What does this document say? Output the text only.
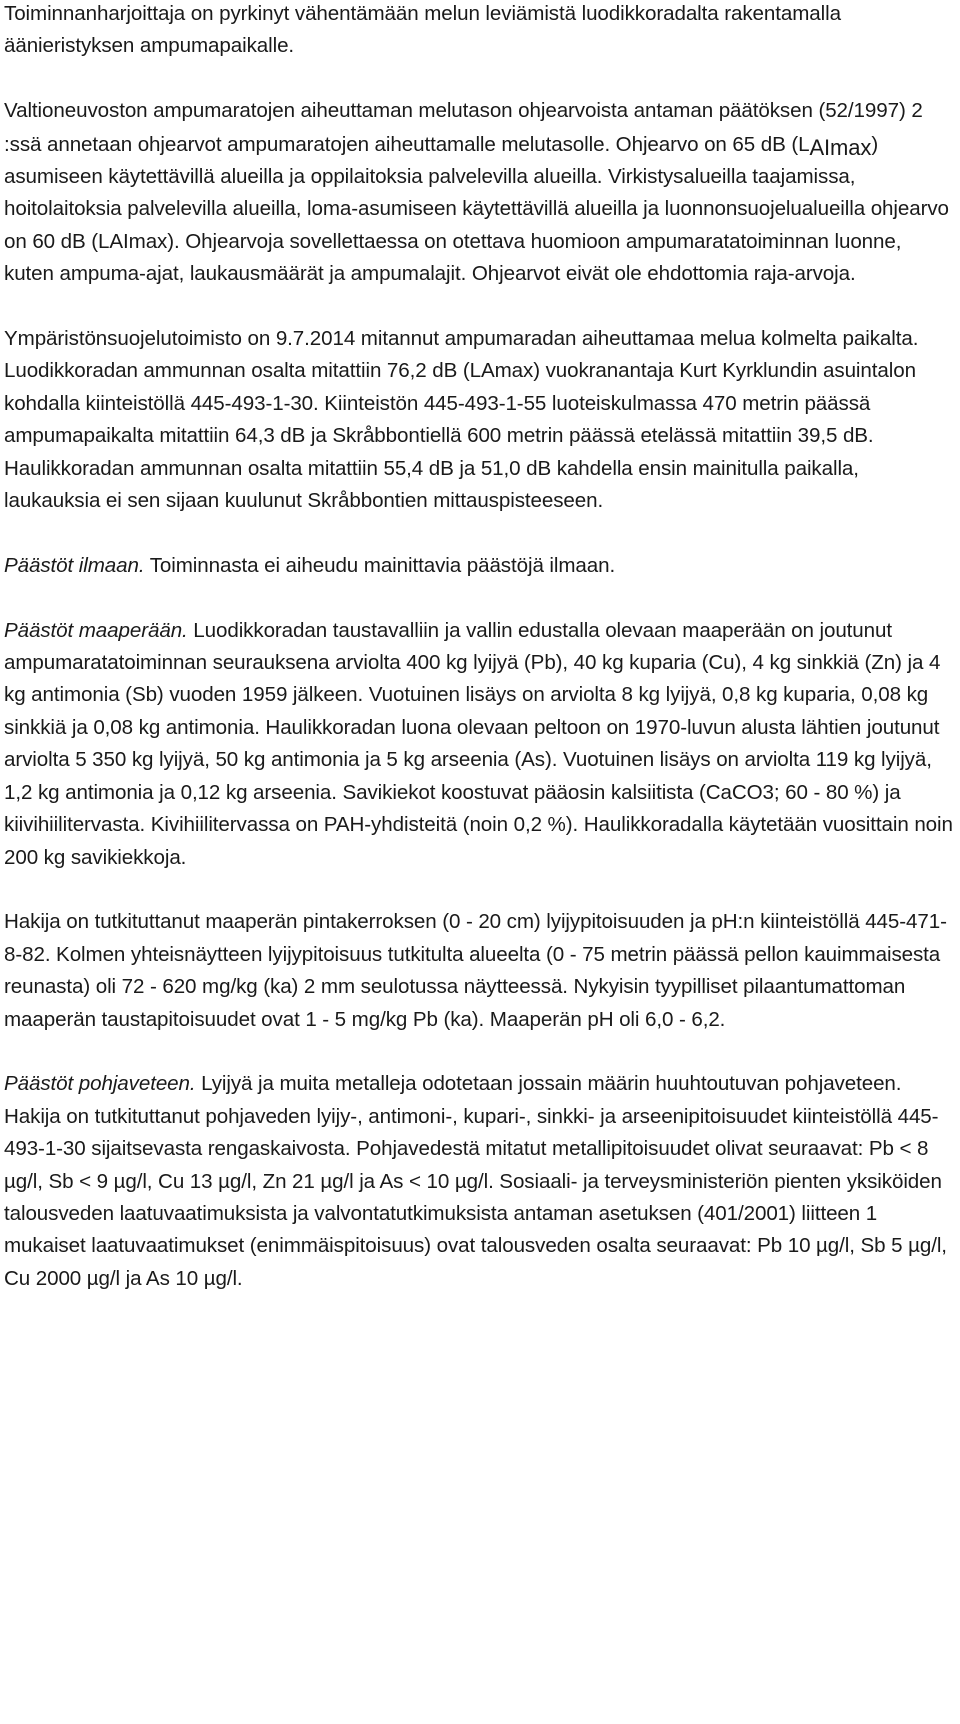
Toiminnanharjoittaja on pyrkinyt vähentämään melun leviämistä luodikkoradalta rakentamalla äänieristyksen ampumapaikalle.

Valtioneuvoston ampumaratojen aiheuttaman melutason ohjearvoista antaman päätöksen (52/1997) 2 :ssä annetaan ohjearvot ampumaratojen aiheuttamalle melutasolle. Ohjearvo on 65 dB (LAImax) asumiseen käytettävillä alueilla ja oppilaitoksia palvelevilla alueilla. Virkistysalueilla taajamissa, hoitolaitoksia palvelevilla alueilla, loma-asumiseen käytettävillä alueilla ja luonnonsuojelualueilla ohjearvo on 60 dB (LAImax). Ohjearvoja sovellettaessa on otettava huomioon ampumaratatoiminnan luonne, kuten ampuma-ajat, laukausmäärät ja ampumalajit. Ohjearvot eivät ole ehdottomia raja-arvoja.

Ympäristönsuojelutoimisto on 9.7.2014 mitannut ampumaradan aiheuttamaa melua kolmelta paikalta. Luodikkoradan ammunnan osalta mitattiin 76,2 dB (LAmax) vuokranantaja Kurt Kyrklundin asuintalon kohdalla kiinteistöllä 445-493-1-30. Kiinteistön 445-493-1-55 luoteiskulmassa 470 metrin päässä ampumapaikalta mitattiin 64,3 dB ja Skråbbontiellä 600 metrin päässä etelässä mitattiin 39,5 dB. Haulikkoradan ammunnan osalta mitattiin 55,4 dB ja 51,0 dB kahdella ensin mainitulla paikalla, laukauksia ei sen sijaan kuulunut Skråbbontien mittauspisteeseen.

Päästöt ilmaan. Toiminnasta ei aiheudu mainittavia päästöjä ilmaan.

Päästöt maaperään. Luodikkoradan taustavalliin ja vallin edustalla olevaan maaperään on joutunut ampumaratatoiminnan seurauksena arviolta 400 kg lyijyä (Pb), 40 kg kuparia (Cu), 4 kg sinkkiä (Zn) ja 4 kg antimonia (Sb) vuoden 1959 jälkeen. Vuotuinen lisäys on arviolta 8 kg lyijyä, 0,8 kg kuparia, 0,08 kg sinkkiä ja 0,08 kg antimonia. Haulikkoradan luona olevaan peltoon on 1970-luvun alusta lähtien joutunut arviolta 5 350 kg lyijyä, 50 kg antimonia ja 5 kg arseenia (As). Vuotuinen lisäys on arviolta 119 kg lyijyä, 1,2 kg antimonia ja 0,12 kg arseenia. Savikiekot koostuvat pääosin kalsiitista (CaCO3; 60 - 80 %) ja kiivihiilitervasta. Kivihiilitervassa on PAH-yhdisteitä (noin 0,2 %). Haulikkoradalla käytetään vuosittain noin 200 kg savikiekkoja.

Hakija on tutkituttanut maaperän pintakerroksen (0 - 20 cm) lyijypitoisuuden ja pH:n kiinteistöllä 445-471-8-82. Kolmen yhteisnäytteen lyijypitoisuus tutkitulta alueelta (0 - 75 metrin päässä pellon kauimmaisesta reunasta) oli 72 - 620 mg/kg (ka) 2 mm seulotussa näytteessä. Nykyisin tyypilliset pilaantumattoman maaperän taustapitoisuudet ovat 1 - 5 mg/kg Pb (ka). Maaperän pH oli 6,0 - 6,2.

Päästöt pohjaveteen. Lyijyä ja muita metalleja odotetaan jossain määrin huuhtoutuvan pohjaveteen. Hakija on tutkituttanut pohjaveden lyijy-, antimoni-, kupari-, sinkki- ja arseenipitoisuudet kiinteistöllä 445-493-1-30 sijaitsevasta rengaskaivosta. Pohjavedestä mitatut metallipitoisuudet olivat seuraavat: Pb < 8 µg/l, Sb < 9 µg/l, Cu 13 µg/l, Zn 21 µg/l ja As < 10 µg/l. Sosiaali- ja terveysministeriön pienten yksiköiden talousveden laatuvaatimuksista ja valvontatutkimuksista antaman asetuksen (401/2001) liitteen 1 mukaiset laatuvaatimukset (enimmäispitoisuus) ovat talousveden osalta seuraavat: Pb 10 µg/l, Sb 5 µg/l, Cu 2000 µg/l ja As 10 µg/l.
